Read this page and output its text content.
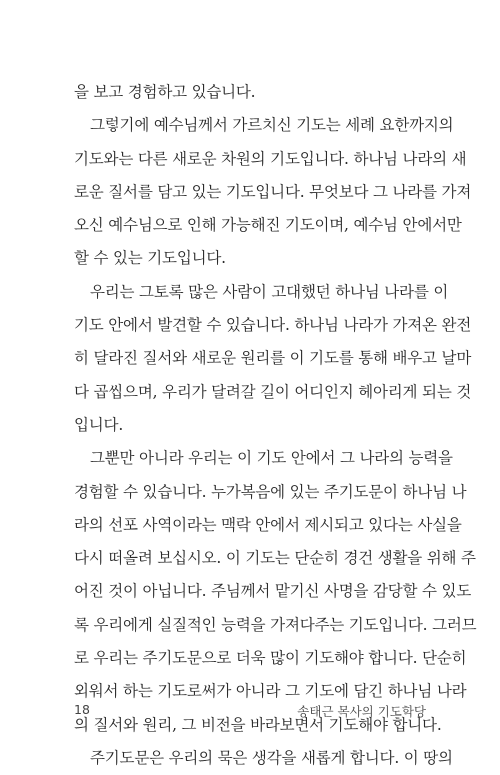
을 보고 경험하고 있습니다.
그렇기에 예수님께서 가르치신 기도는 세례 요한까지의
기도와는 다른 새로운 차원의 기도입니다. 하나님 나라의 새
로운 질서를 담고 있는 기도입니다. 무엇보다 그 나라를 가져
오신 예수님으로 인해 가능해진 기도이며, 예수님 안에서만
할 수 있는 기도입니다.
우리는 그토록 많은 사람이 고대했던 하나님 나라를 이
기도 안에서 발견할 수 있습니다. 하나님 나라가 가져온 완전
히 달라진 질서와 새로운 원리를 이 기도를 통해 배우고 날마
다 곱씹으며, 우리가 달려갈 길이 어디인지 헤아리게 되는 것
입니다.
그뿐만 아니라 우리는 이 기도 안에서 그 나라의 능력을
경험할 수 있습니다. 누가복음에 있는 주기도문이 하나님 나
라의 선포 사역이라는 맥락 안에서 제시되고 있다는 사실을
다시 떠올려 보십시오. 이 기도는 단순히 경건 생활을 위해 주
어진 것이 아닙니다. 주님께서 맡기신 사명을 감당할 수 있도
록 우리에게 실질적인 능력을 가져다주는 기도입니다. 그러므
로 우리는 주기도문으로 더욱 많이 기도해야 합니다. 단순히
외워서 하는 기도로써가 아니라 그 기도에 담긴 하나님 나라
의 질서와 원리, 그 비전을 바라보면서 기도해야 합니다.
주기도문은 우리의 묵은 생각을 새롭게 합니다. 이 땅의
18	송태근 목사의 기도학당
